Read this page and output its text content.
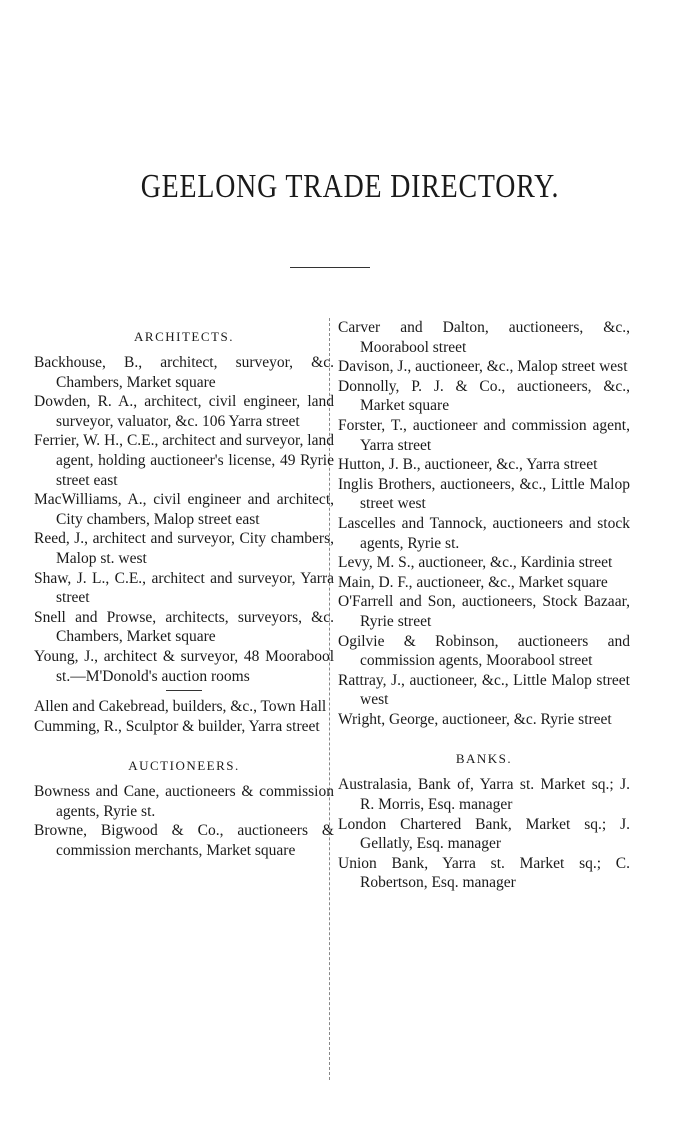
GEELONG TRADE DIRECTORY.
ARCHITECTS.

Backhouse, B., architect, surveyor, &c. Chambers, Market square

Dowden, R. A., architect, civil engineer, land surveyor, valuator, &c. 106 Yarra street

Ferrier, W. H., C.E., architect and surveyor, land agent, holding auctioneer's license, 49 Ryrie street east

MacWilliams, A., civil engineer and architect, City chambers, Malop street east

Reed, J., architect and surveyor, City chambers, Malop st. west

Shaw, J. L., C.E., architect and surveyor, Yarra street

Snell and Prowse, architects, surveyors, &c. Chambers, Market square

Young, J., architect & surveyor, 48 Moorabool st.—M'Donold's auction rooms

Allen and Cakebread, builders, &c., Town Hall

Cumming, R., Sculptor & builder, Yarra street

AUCTIONEERS.

Bowness and Cane, auctioneers & commission agents, Ryrie st.

Browne, Bigwood & Co., auctioneers & commission merchants, Market square

Carver and Dalton, auctioneers, &c., Moorabool street

Davison, J., auctioneer, &c., Malop street west

Donnolly, P. J. & Co., auctioneers, &c., Market square

Forster, T., auctioneer and commission agent, Yarra street

Hutton, J. B., auctioneer, &c., Yarra street

Inglis Brothers, auctioneers, &c., Little Malop street west

Lascelles and Tannock, auctioneers and stock agents, Ryrie st.

Levy, M. S., auctioneer, &c., Kardinia street

Main, D. F., auctioneer, &c., Market square

O'Farrell and Son, auctioneers, Stock Bazaar, Ryrie street

Ogilvie & Robinson, auctioneers and commission agents, Moorabool street

Rattray, J., auctioneer, &c., Little Malop street west

Wright, George, auctioneer, &c. Ryrie street

BANKS.

Australasia, Bank of, Yarra st. Market sq.; J. R. Morris, Esq. manager

London Chartered Bank, Market sq.; J. Gellatly, Esq. manager

Union Bank, Yarra st. Market sq.; C. Robertson, Esq. manager
